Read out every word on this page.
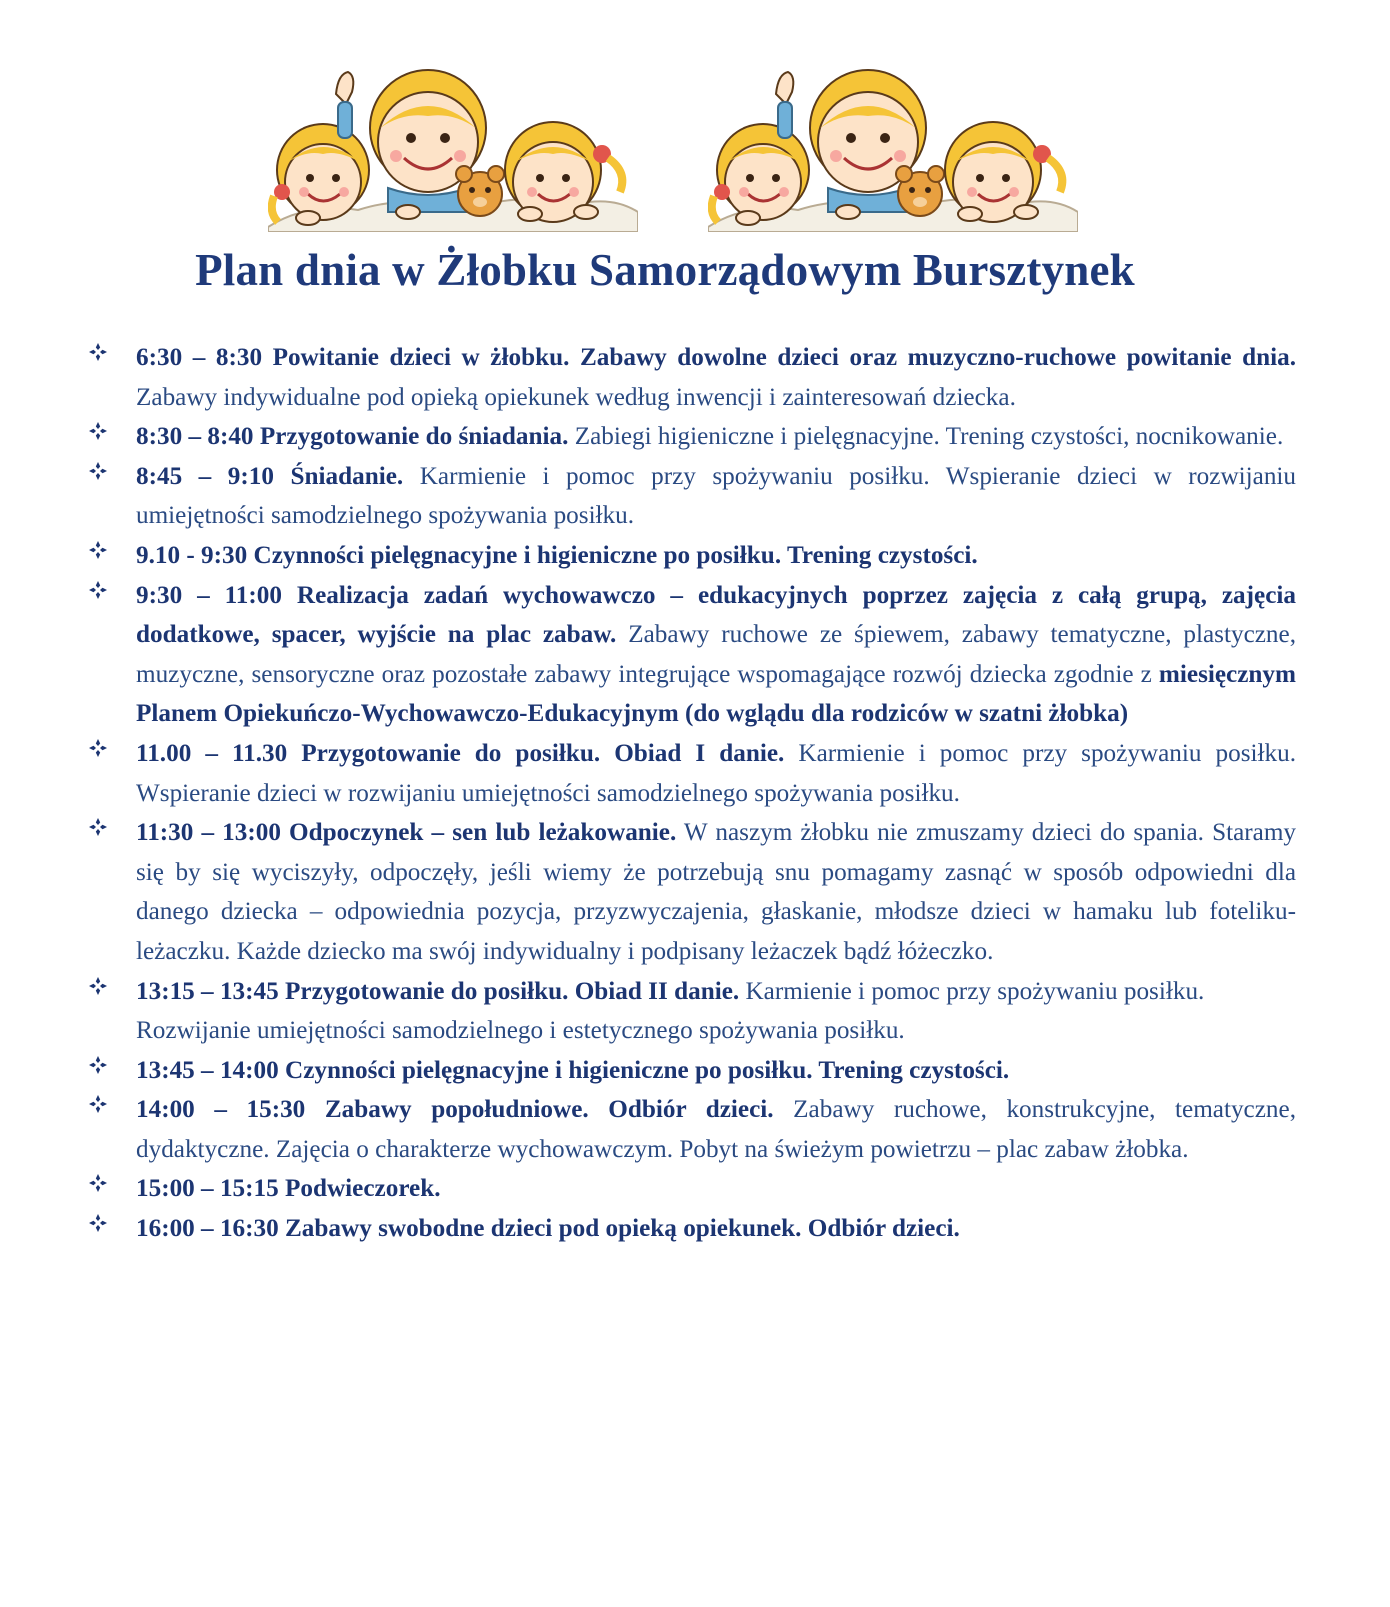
Plan dnia w Żłobku Samorządowym Bursztynek
6:30 – 8:30 Powitanie dzieci w żłobku. Zabawy dowolne dzieci oraz muzyczno-ruchowe powitanie dnia. Zabawy indywidualne pod opieką opiekunek według inwencji i zainteresowań dziecka.
8:30 – 8:40 Przygotowanie do śniadania. Zabiegi higieniczne i pielęgnacyjne. Trening czystości, nocnikowanie.
8:45 – 9:10 Śniadanie. Karmienie i pomoc przy spożywaniu posiłku. Wspieranie dzieci w rozwijaniu umiejętności samodzielnego spożywania posiłku.
9.10 - 9:30 Czynności pielęgnacyjne i higieniczne po posiłku. Trening czystości.
9:30 – 11:00 Realizacja zadań wychowawczo – edukacyjnych poprzez zajęcia z całą grupą, zajęcia dodatkowe, spacer, wyjście na plac zabaw. Zabawy ruchowe ze śpiewem, zabawy tematyczne, plastyczne, muzyczne, sensoryczne oraz pozostałe zabawy integrujące wspomagające rozwój dziecka zgodnie z miesięcznym Planem Opiekuńczo-Wychowawczo-Edukacyjnym (do wglądu dla rodziców w szatni żłobka)
11.00 – 11.30 Przygotowanie do posiłku. Obiad I danie. Karmienie i pomoc przy spożywaniu posiłku. Wspieranie dzieci w rozwijaniu umiejętności samodzielnego spożywania posiłku.
11:30 – 13:00 Odpoczynek – sen lub leżakowanie. W naszym żłobku nie zmuszamy dzieci do spania. Staramy się by się wyciszyły, odpoczęły, jeśli wiemy że potrzebują snu pomagamy zasnąć w sposób odpowiedni dla danego dziecka – odpowiednia pozycja, przyzwyczajenia, głaskanie, młodsze dzieci w hamaku lub foteliku-leżaczku. Każde dziecko ma swój indywidualny i podpisany leżaczek bądź łóżeczko.
13:15 – 13:45 Przygotowanie do posiłku. Obiad II danie. Karmienie i pomoc przy spożywaniu posiłku. Rozwijanie umiejętności samodzielnego i estetycznego spożywania posiłku.
13:45 – 14:00 Czynności pielęgnacyjne i higieniczne po posiłku. Trening czystości.
14:00 – 15:30 Zabawy popołudniowe. Odbiór dzieci. Zabawy ruchowe, konstrukcyjne, tematyczne, dydaktyczne. Zajęcia o charakterze wychowawczym. Pobyt na świeżym powietrzu – plac zabaw żłobka.
15:00 – 15:15 Podwieczorek.
16:00 – 16:30 Zabawy swobodne dzieci pod opieką opiekunek. Odbiór dzieci.
